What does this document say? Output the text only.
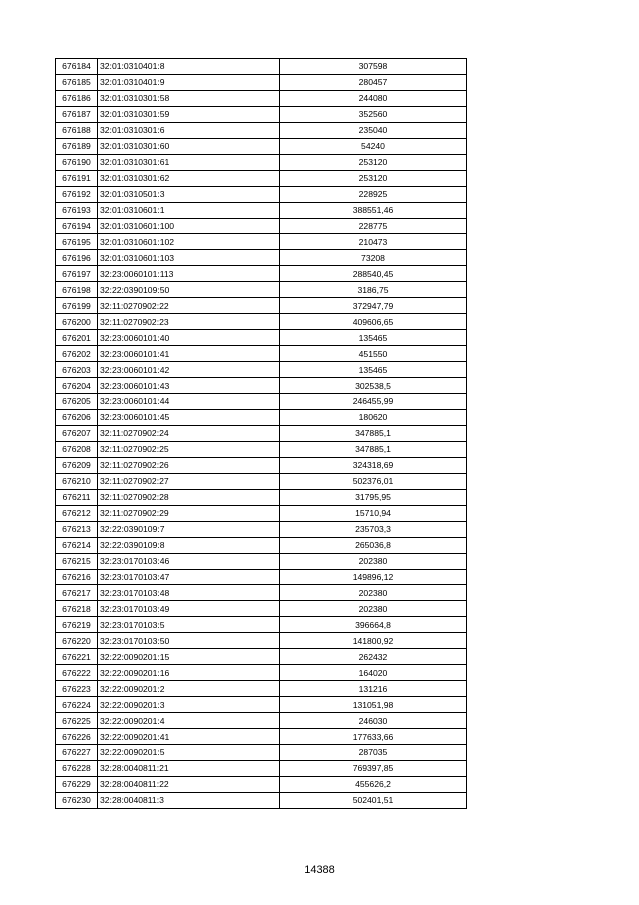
676184	32:01:0310401:8	307598
676185	32:01:0310401:9	280457
676186	32:01:0310301:58	244080
676187	32:01:0310301:59	352560
676188	32:01:0310301:6	235040
676189	32:01:0310301:60	54240
676190	32:01:0310301:61	253120
676191	32:01:0310301:62	253120
676192	32:01:0310501:3	228925
676193	32:01:0310601:1	388551,46
676194	32:01:0310601:100	228775
676195	32:01:0310601:102	210473
676196	32:01:0310601:103	73208
676197	32:23:0060101:113	288540,45
676198	32:22:0390109:50	3186,75
676199	32:11:0270902:22	372947,79
676200	32:11:0270902:23	409606,65
676201	32:23:0060101:40	135465
676202	32:23:0060101:41	451550
676203	32:23:0060101:42	135465
676204	32:23:0060101:43	302538,5
676205	32:23:0060101:44	246455,99
676206	32:23:0060101:45	180620
676207	32:11:0270902:24	347885,1
676208	32:11:0270902:25	347885,1
676209	32:11:0270902:26	324318,69
676210	32:11:0270902:27	502376,01
676211	32:11:0270902:28	31795,95
676212	32:11:0270902:29	15710,94
676213	32:22:0390109:7	235703,3
676214	32:22:0390109:8	265036,8
676215	32:23:0170103:46	202380
676216	32:23:0170103:47	149896,12
676217	32:23:0170103:48	202380
676218	32:23:0170103:49	202380
676219	32:23:0170103:5	396664,8
676220	32:23:0170103:50	141800,92
676221	32:22:0090201:15	262432
676222	32:22:0090201:16	164020
676223	32:22:0090201:2	131216
676224	32:22:0090201:3	131051,98
676225	32:22:0090201:4	246030
676226	32:22:0090201:41	177633,66
676227	32:22:0090201:5	287035
676228	32:28:0040811:21	769397,85
676229	32:28:0040811:22	455626,2
676230	32:28:0040811:3	502401,51
14388
